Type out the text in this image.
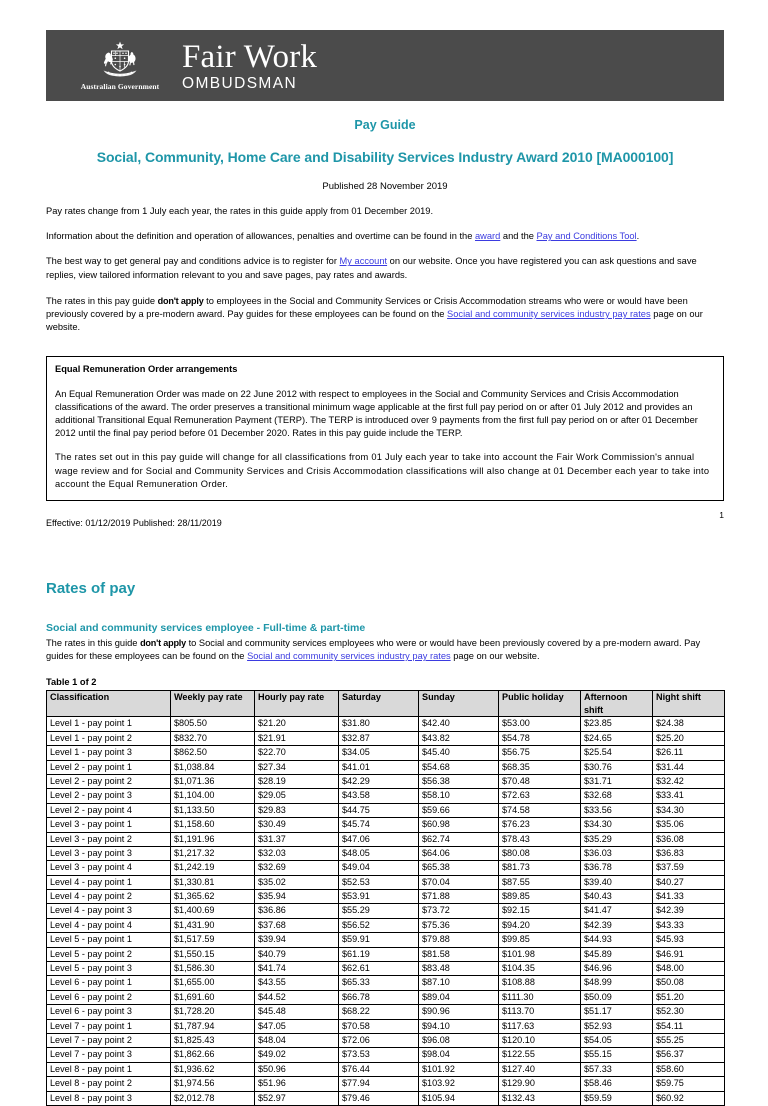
Australian Government
Fair Work
OMBUDSMAN
Pay Guide
Social, Community, Home Care and Disability Services Industry Award 2010 [MA000100]
Published 28 November 2019

Pay rates change from 1 July each year, the rates in this guide apply from 01 December 2019.

Information about the definition and operation of allowances, penalties and overtime can be found in the award and the Pay and Conditions Tool.

The best way to get general pay and conditions advice is to register for My account on our website. Once you have registered you can ask questions and save replies, view tailored information relevant to you and save pages, pay rates and awards.

The rates in this pay guide don't apply to employees in the Social and Community Services or Crisis Accommodation streams who were or would have been previously covered by a pre-modern award. Pay guides for these employees can be found on the Social and community services industry pay rates page on our website.

Equal Remuneration Order arrangements

An Equal Remuneration Order was made on 22 June 2012 with respect to employees in the Social and Community Services and Crisis Accommodation classifications of the award. The order preserves a transitional minimum wage applicable at the first full pay period on or after 01 July 2012 and provides an additional Transitional Equal Remuneration Payment (TERP). The TERP is introduced over 9 payments from the first full pay period on or after 01 December 2012 until the final pay period before 01 December 2020. Rates in this pay guide include the TERP.

The rates set out in this pay guide will change for all classifications from 01 July each year to take into account the Fair Work Commission's annual wage review and for Social and Community Services and Crisis Accommodation classifications will also change at 01 December each year to take into account the Equal Remuneration Order.

1
Effective: 01/12/2019 Published: 28/11/2019
Rates of pay
Social and community services employee - Full-time & part-time

The rates in this guide don't apply to Social and community services employees who were or would have been previously covered by a pre-modern award. Pay guides for these employees can be found on the Social and community services industry pay rates page on our website.

Table 1 of 2
Classification	Weekly pay rate	Hourly pay rate	Saturday	Sunday	Public holiday	Afternoon shift	Night shift
Level 1 - pay point 1	$805.50	$21.20	$31.80	$42.40	$53.00	$23.85	$24.38
Level 1 - pay point 2	$832.70	$21.91	$32.87	$43.82	$54.78	$24.65	$25.20
Level 1 - pay point 3	$862.50	$22.70	$34.05	$45.40	$56.75	$25.54	$26.11
Level 2 - pay point 1	$1,038.84	$27.34	$41.01	$54.68	$68.35	$30.76	$31.44
Level 2 - pay point 2	$1,071.36	$28.19	$42.29	$56.38	$70.48	$31.71	$32.42
Level 2 - pay point 3	$1,104.00	$29.05	$43.58	$58.10	$72.63	$32.68	$33.41
Level 2 - pay point 4	$1,133.50	$29.83	$44.75	$59.66	$74.58	$33.56	$34.30
Level 3 - pay point 1	$1,158.60	$30.49	$45.74	$60.98	$76.23	$34.30	$35.06
Level 3 - pay point 2	$1,191.96	$31.37	$47.06	$62.74	$78.43	$35.29	$36.08
Level 3 - pay point 3	$1,217.32	$32.03	$48.05	$64.06	$80.08	$36.03	$36.83
Level 3 - pay point 4	$1,242.19	$32.69	$49.04	$65.38	$81.73	$36.78	$37.59
Level 4 - pay point 1	$1,330.81	$35.02	$52.53	$70.04	$87.55	$39.40	$40.27
Level 4 - pay point 2	$1,365.62	$35.94	$53.91	$71.88	$89.85	$40.43	$41.33
Level 4 - pay point 3	$1,400.69	$36.86	$55.29	$73.72	$92.15	$41.47	$42.39
Level 4 - pay point 4	$1,431.90	$37.68	$56.52	$75.36	$94.20	$42.39	$43.33
Level 5 - pay point 1	$1,517.59	$39.94	$59.91	$79.88	$99.85	$44.93	$45.93
Level 5 - pay point 2	$1,550.15	$40.79	$61.19	$81.58	$101.98	$45.89	$46.91
Level 5 - pay point 3	$1,586.30	$41.74	$62.61	$83.48	$104.35	$46.96	$48.00
Level 6 - pay point 1	$1,655.00	$43.55	$65.33	$87.10	$108.88	$48.99	$50.08
Level 6 - pay point 2	$1,691.60	$44.52	$66.78	$89.04	$111.30	$50.09	$51.20
Level 6 - pay point 3	$1,728.20	$45.48	$68.22	$90.96	$113.70	$51.17	$52.30
Level 7 - pay point 1	$1,787.94	$47.05	$70.58	$94.10	$117.63	$52.93	$54.11
Level 7 - pay point 2	$1,825.43	$48.04	$72.06	$96.08	$120.10	$54.05	$55.25
Level 7 - pay point 3	$1,862.66	$49.02	$73.53	$98.04	$122.55	$55.15	$56.37
Level 8 - pay point 1	$1,936.62	$50.96	$76.44	$101.92	$127.40	$57.33	$58.60
Level 8 - pay point 2	$1,974.56	$51.96	$77.94	$103.92	$129.90	$58.46	$59.75
Level 8 - pay point 3	$2,012.78	$52.97	$79.46	$105.94	$132.43	$59.59	$60.92
